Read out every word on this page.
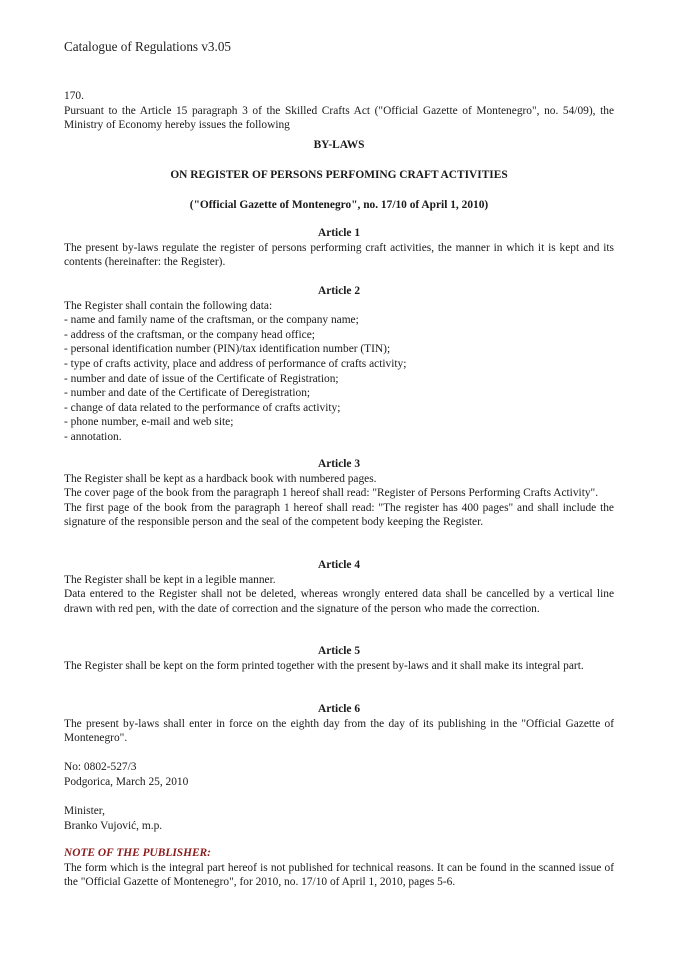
Catalogue of Regulations v3.05

170.

Pursuant to the Article 15 paragraph 3 of the Skilled Crafts Act ("Official Gazette of Montenegro", no. 54/09), the Ministry of Economy hereby issues the following

BY-LAWS
ON REGISTER OF PERSONS PERFOMING CRAFT ACTIVITIES
("Official Gazette of Montenegro", no. 17/10 of April 1, 2010)

Article 1

The present by-laws regulate the register of persons performing craft activities, the manner in which it is kept and its contents (hereinafter: the Register).

Article 2

The Register shall contain the following data:

- name and family name of the craftsman, or the company name;

- address of the craftsman, or the company head office;

- personal identification number (PIN)/tax identification number (TIN);

- type of crafts activity, place and address of performance of crafts activity;

- number and date of issue of the Certificate of Registration;

- number and date of the Certificate of Deregistration;

- change of data related to the performance of crafts activity;

- phone number, e-mail and web site;

- annotation.

Article 3

The Register shall be kept as a hardback book with numbered pages.

The cover page of the book from the paragraph 1 hereof shall read: "Register of Persons Performing Crafts Activity".

The first page of the book from the paragraph 1 hereof shall read: "The register has 400 pages" and shall include the signature of the responsible person and the seal of the competent body keeping the Register.

Article 4

The Register shall be kept in a legible manner.

Data entered to the Register shall not be deleted, whereas wrongly entered data shall be cancelled by a vertical line drawn with red pen, with the date of correction and the signature of the person who made the correction.

Article 5

The Register shall be kept on the form printed together with the present by-laws and it shall make its integral part.

Article 6

The present by-laws shall enter in force on the eighth day from the day of its publishing in the "Official Gazette of Montenegro".

No: 0802-527/3

Podgorica, March 25, 2010

Minister,

Branko Vujović, m.p.

NOTE OF THE PUBLISHER:

The form which is the integral part hereof is not published for technical reasons. It can be found in the scanned issue of the "Official Gazette of Montenegro", for 2010, no. 17/10 of April 1, 2010, pages 5-6.
